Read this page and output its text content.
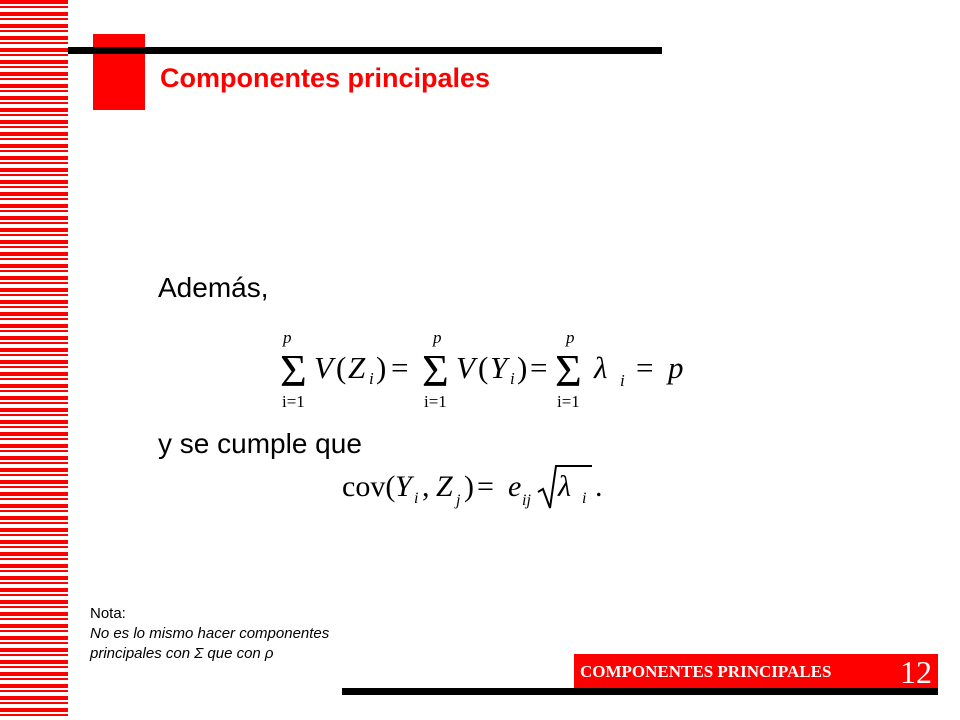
Componentes principales
Además,
p
Σ
i=1
V ( Z i ) =
p
Σ
i=1
V ( Y i ) =
p
Σ
i=1
λ i = p
y se cumple que
cov( Y i , Z j ) = e ij λ i .
Nota:
No es lo mismo hacer componentes
principales con Σ que con ρ
COMPONENTES PRINCIPALES 12
